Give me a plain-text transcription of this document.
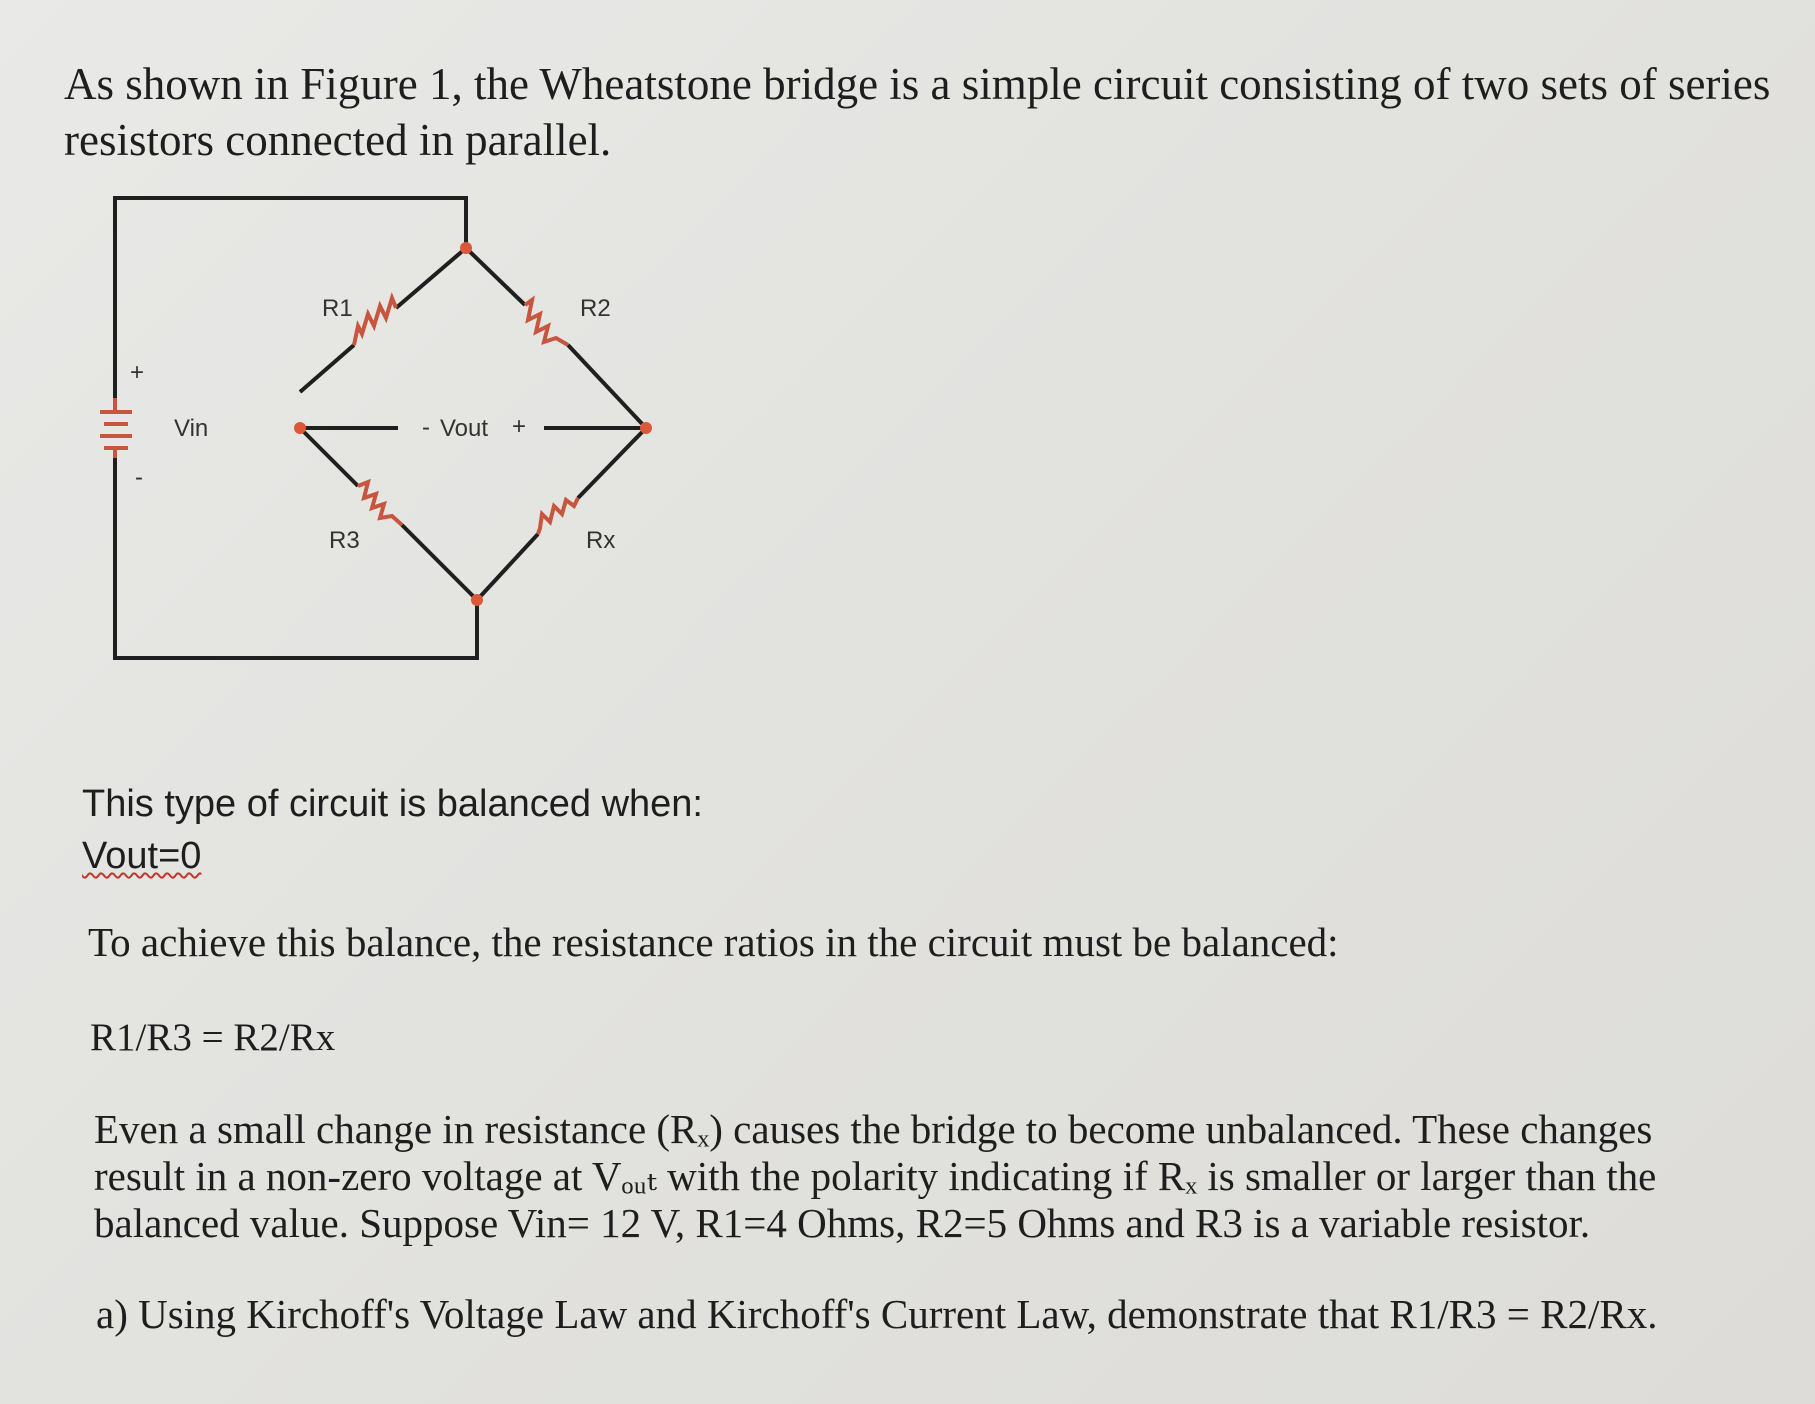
As shown in Figure 1, the Wheatstone bridge is a simple circuit consisting of two sets of series
resistors connected in parallel.
R1	R2
R3	Rx
Vin	Vout
+
-
-	+
This type of circuit is balanced when:
Vout=0
To achieve this balance, the resistance ratios in the circuit must be balanced:
R1/R3 = R2/Rx
Even a small change in resistance (Rₓ) causes the bridge to become unbalanced. These changes
result in a non-zero voltage at Vₒᵤₜ with the polarity indicating if Rₓ is smaller or larger than the
balanced value. Suppose Vin= 12 V, R1=4 Ohms, R2=5 Ohms and R3 is a variable resistor.
a) Using Kirchoff's Voltage Law and Kirchoff's Current Law, demonstrate that R1/R3 = R2/Rx.
